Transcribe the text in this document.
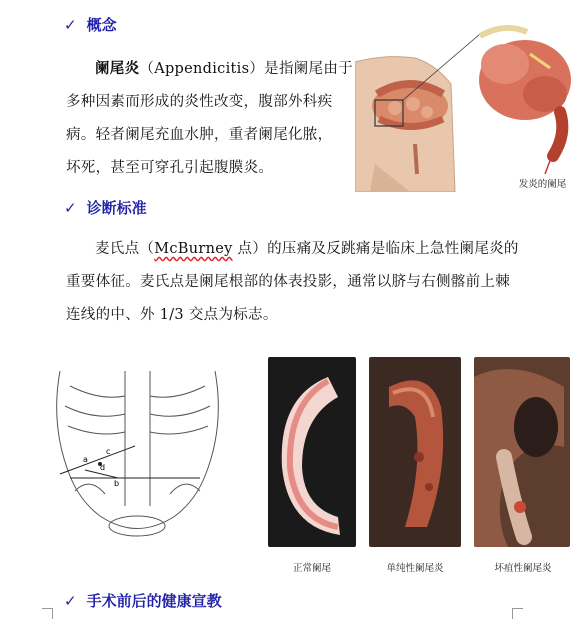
✓ 概念
阑尾炎（Appendicitis）是指阑尾由于
多种因素而形成的炎性改变，腹部外科疾
病。轻者阑尾充血水肿，重者阑尾化脓，
坏死，甚至可穿孔引起腹膜炎。
发炎的阑尾
✓ 诊断标准
麦氏点（McBurney 点）的压痛及反跳痛是临床上急性阑尾炎的
重要体征。麦氏点是阑尾根部的体表投影，通常以脐与右侧髂前上棘
连线的中、外 1/3 交点为标志。
a
b
c
d
正常阑尾	单纯性阑尾炎	坏疽性阑尾炎
✓ 手术前后的健康宣教
